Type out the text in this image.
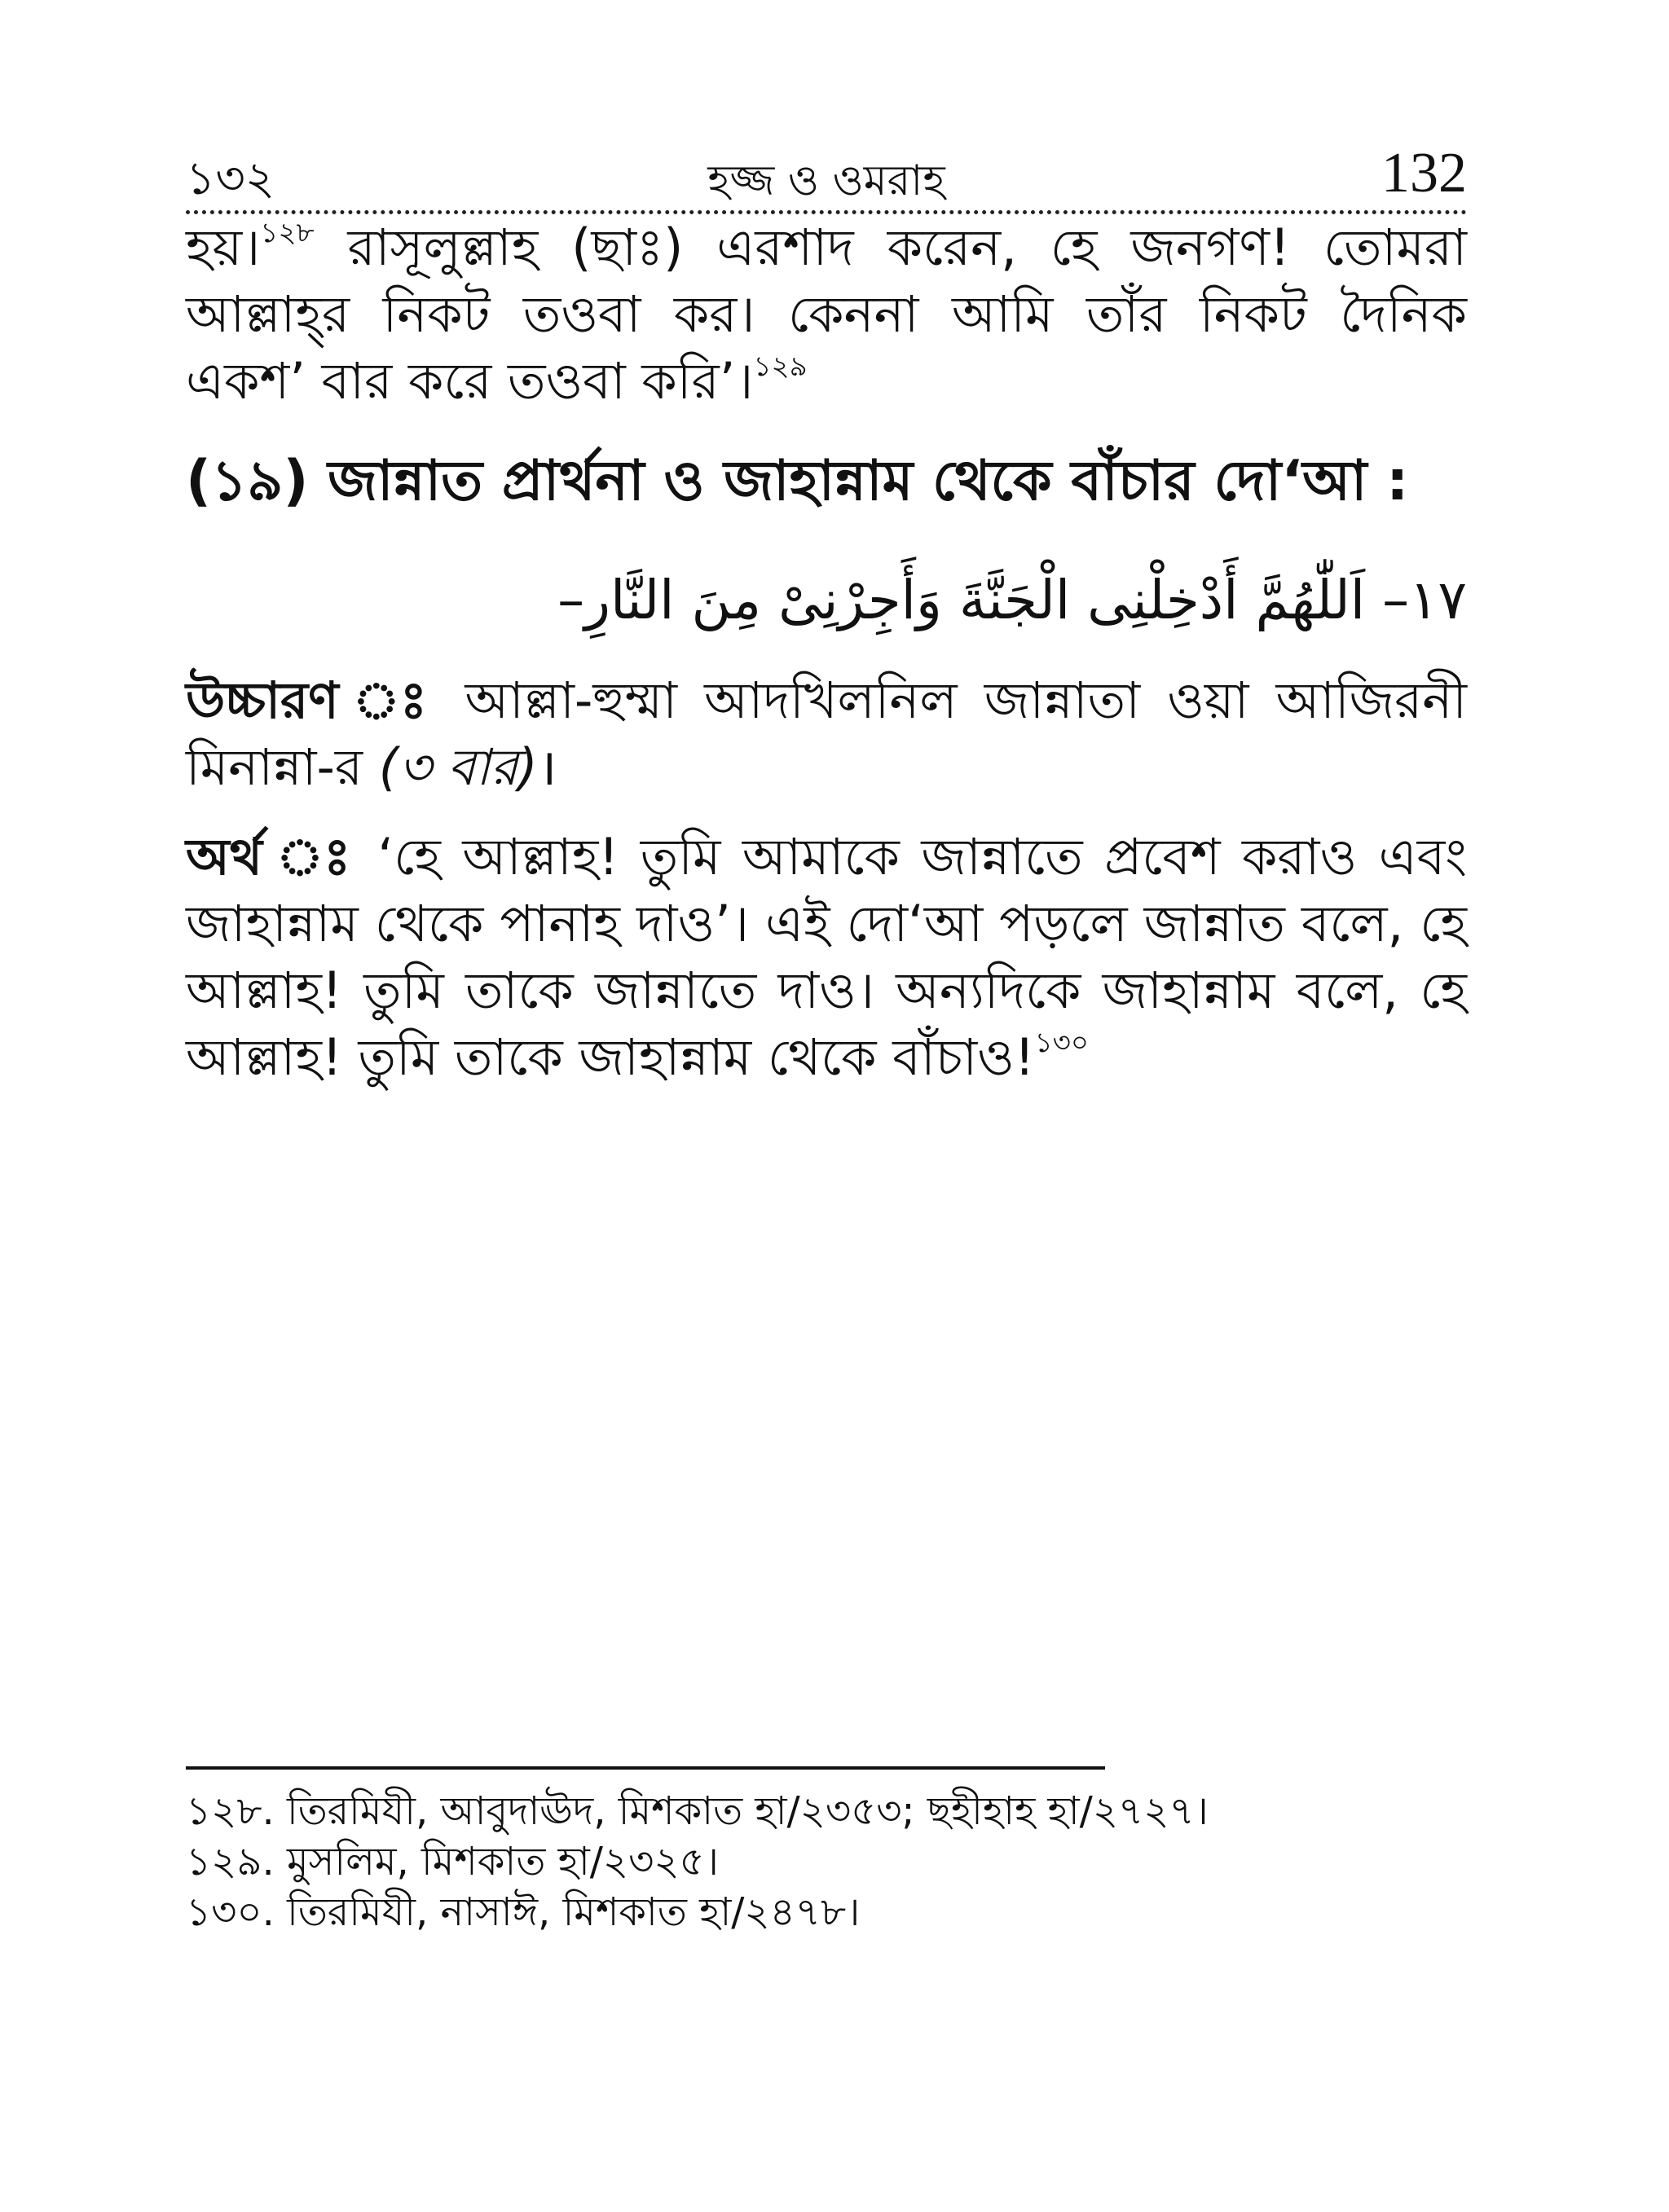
১৩২	হজ্জ ও ওমরাহ	132

হয়।$^{১২৮}$ রাসূলুল্লাহ (ছাঃ) এরশাদ করেন, হে জনগণ! তোমরা আল্লাহ্‌র নিকট তওবা কর। কেননা আমি তাঁর নিকট দৈনিক একশ’ বার করে তওবা করি’।$^{১২৯}$

(১৯) জান্নাত প্রার্থনা ও জাহান্নাম থেকে বাঁচার দো‘আ :

١٧– اَللّٰهُمَّ أَدْخِلْنِى الْجَنَّةَ وَأَجِرْنِىْ مِنَ النَّارِ–

উচ্চারণ ঃ আল্লা-হুম্মা আদখিলনিল জান্নাতা ওয়া আজিরনী মিনান্না-র (৩ বার)।

অর্থ ঃ ‘হে আল্লাহ! তুমি আমাকে জান্নাতে প্রবেশ করাও এবং জাহান্নাম থেকে পানাহ দাও’। এই দো‘আ পড়লে জান্নাত বলে, হে আল্লাহ! তুমি তাকে জান্নাতে দাও। অন্যদিকে জাহান্নাম বলে, হে আল্লাহ! তুমি তাকে জাহান্নাম থেকে বাঁচাও!$^{১৩০}$

১২৮. তিরমিযী, আবুদাঊদ, মিশকাত হা/২৩৫৩; ছহীহাহ হা/২৭২৭।

১২৯. মুসলিম, মিশকাত হা/২৩২৫।

১৩০. তিরমিযী, নাসাঈ, মিশকাত হা/২৪৭৮।
